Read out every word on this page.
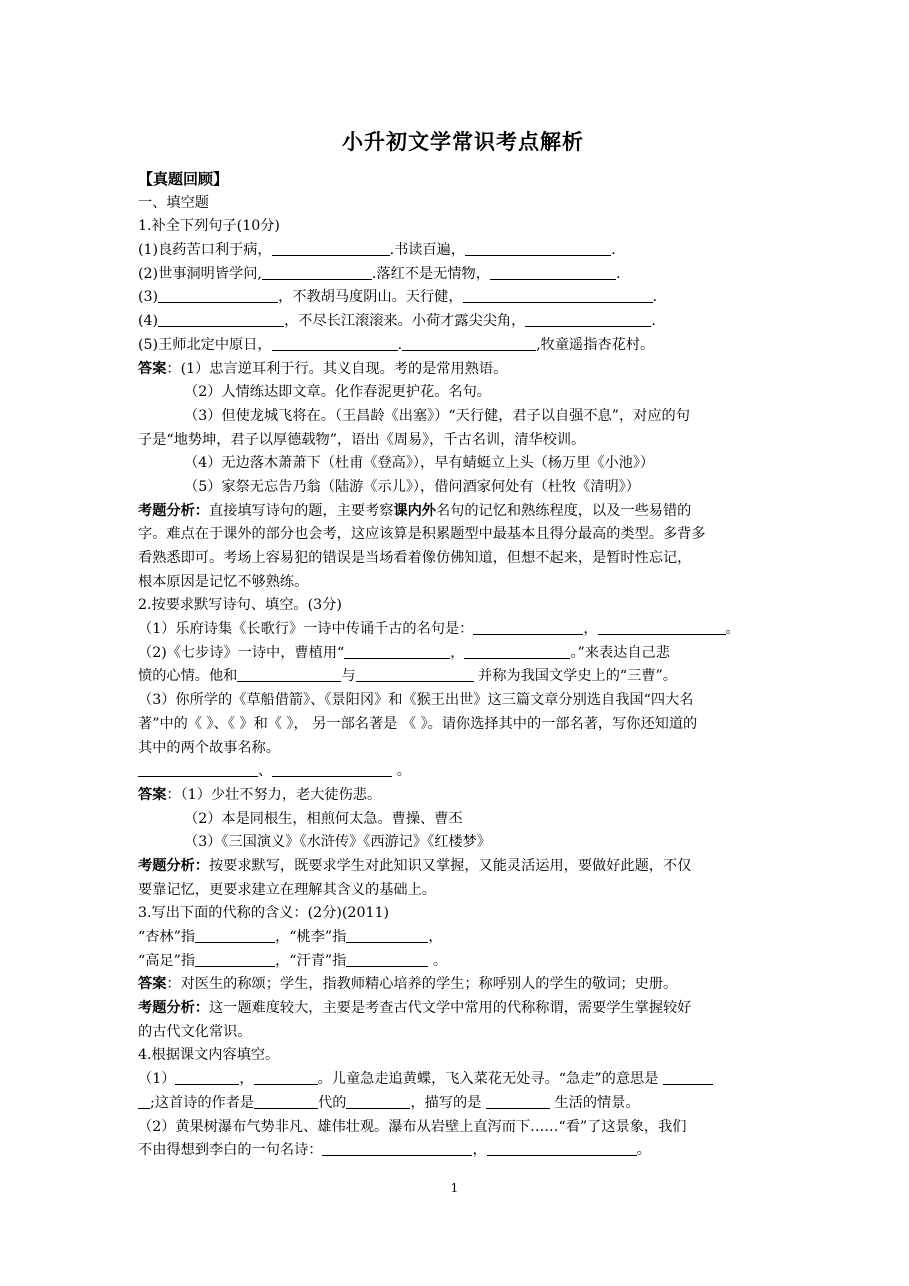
小升初文学常识考点解析
【真题回顾】
一、填空题
1.补全下列句子(10分)
(1)良药苦口利于病，	.书读百遍，	.
(2)世事洞明皆学问,	.落红不是无情物，	.
(3)	，不教胡马度阴山。天行健，	.
(4)	，不尽长江滚滚来。小荷才露尖尖角，	.
(5)王师北定中原日，	.	,牧童遥指杏花村。
答案：(1）忠言逆耳利于行。其义自现。考的是常用熟语。
（2）人情练达即文章。化作春泥更护花。名句。
（3）但使龙城飞将在。（王昌龄《出塞》）“天行健，君子以自强不息”，对应的句
子是“地势坤，君子以厚德载物”，语出《周易》，千古名训，清华校训。
（4）无边落木萧萧下（杜甫《登高》），早有蜻蜓立上头（杨万里《小池》）
（5）家祭无忘告乃翁（陆游《示儿》），借问酒家何处有（杜牧《清明》）
考题分析：直接填写诗句的题，主要考察课内外名句的记忆和熟练程度，以及一些易错的
字。难点在于课外的部分也会考，这应该算是积累题型中最基本且得分最高的类型。多背多
看熟悉即可。考场上容易犯的错误是当场看着像仿佛知道，但想不起来，是暂时性忘记，
根本原因是记忆不够熟练。
2.按要求默写诗句、填空。(3分)
（1）乐府诗集《长歌行》一诗中传诵千古的名句是：	，	。
（2)《七步诗》一诗中，曹植用“	，	。”来表达自己悲
愤的心情。他和	与	并称为我国文学史上的“三曹”。
（3）你所学的《草船借箭》、《景阳冈》和《猴王出世》这三篇文章分别选自我国“四大名
著”中的《 》、《 》和《 》， 另一部名著是 《 》。请你选择其中的一部名著，写你还知道的
其中的两个故事名称。
、	。
答案：（1）少壮不努力，老大徒伤悲。
（2）本是同根生，相煎何太急。曹操、曹丕
（3）《三国演义》《水浒传》《西游记》《红楼梦》
考题分析：按要求默写，既要求学生对此知识又掌握，又能灵活运用，要做好此题，不仅
要靠记忆，更要求建立在理解其含义的基础上。
3.写出下面的代称的含义：(2分)(2011)
“杏林”指	，“桃李”指	，
“高足”指	，“汗青”指	。
答案：对医生的称颂；学生，指教师精心培养的学生；称呼别人的学生的敬词；史册。
考题分析：这一题难度较大，主要是考查古代文学中常用的代称称谓，需要学生掌握较好
的古代文化常识。
4.根据课文内容填空。
（1）	，	。儿童急走追黄蝶，飞入菜花无处寻。“急走”的意思是
;这首诗的作者是	代的	，描写的是	生活的情景。
（2）黄果树瀑布气势非凡、雄伟壮观。瀑布从岩壁上直泻而下……“看”了这景象，我们
不由得想到李白的一句名诗：	，	。
1
